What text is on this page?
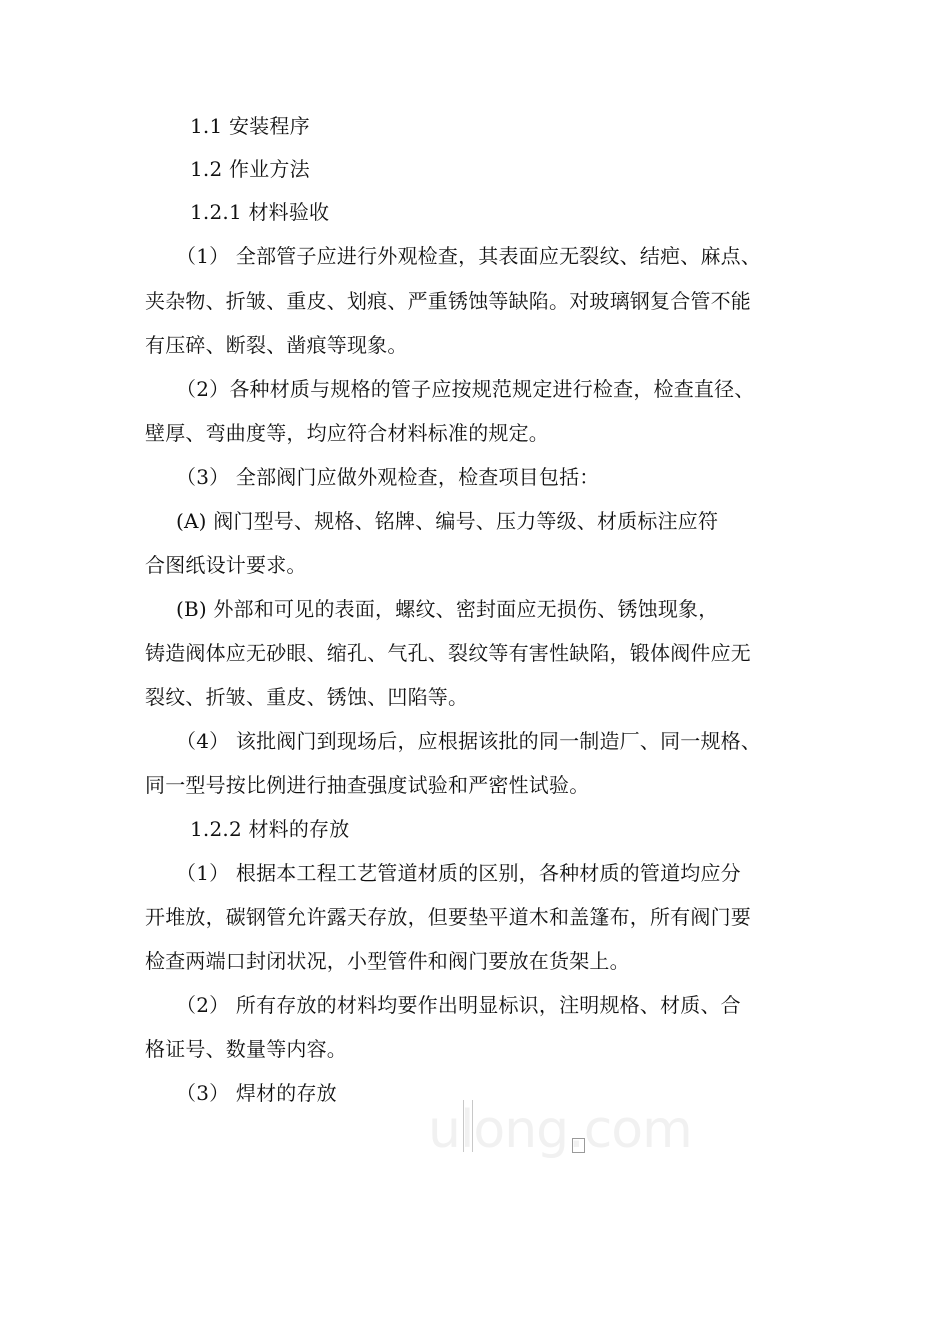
1.1 安装程序
1.2 作业方法
1.2.1 材料验收
（1） 全部管子应进行外观检查，其表面应无裂纹、结疤、麻点、
夹杂物、折皱、重皮、划痕、严重锈蚀等缺陷。对玻璃钢复合管不能
有压碎、断裂、凿痕等现象。
（2）各种材质与规格的管子应按规范规定进行检查，检查直径、
壁厚、弯曲度等，均应符合材料标准的规定。
（3） 全部阀门应做外观检查，检查项目包括：
(A) 阀门型号、规格、铭牌、编号、压力等级、材质标注应符
合图纸设计要求。
(B) 外部和可见的表面，螺纹、密封面应无损伤、锈蚀现象，
铸造阀体应无砂眼、缩孔、气孔、裂纹等有害性缺陷，锻体阀件应无
裂纹、折皱、重皮、锈蚀、凹陷等。
（4） 该批阀门到现场后，应根据该批的同一制造厂、同一规格、
同一型号按比例进行抽查强度试验和严密性试验。
1.2.2 材料的存放
（1） 根据本工程工艺管道材质的区别，各种材质的管道均应分
开堆放，碳钢管允许露天存放，但要垫平道木和盖篷布，所有阀门要
检查两端口封闭状况，小型管件和阀门要放在货架上。
（2） 所有存放的材料均要作出明显标识，注明规格、材质、合
格证号、数量等内容。
（3） 焊材的存放
ulong.com
